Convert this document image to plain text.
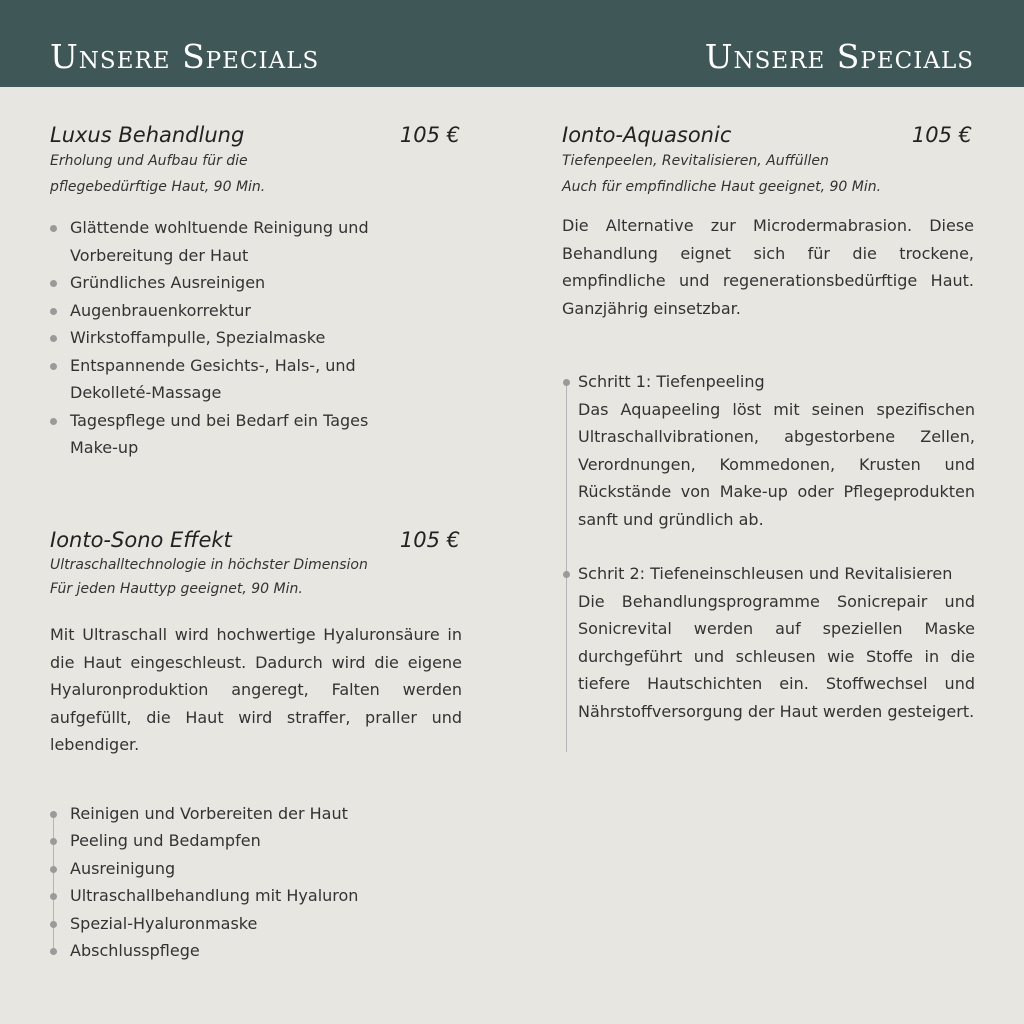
Unsere Specials	Unsere Specials
Luxus Behandlung	105 €
Erholung und Aufbau für die
pflegebedürftige Haut, 90 Min.
Glättende wohltuende Reinigung und
Vorbereitung der Haut
Gründliches Ausreinigen
Augenbrauenkorrektur
Wirkstoffampulle, Spezialmaske
Entspannende Gesichts-, Hals-, und
Dekolleté-Massage
Tagespflege und bei Bedarf ein Tages
Make-up
Ionto-Sono Effekt	105 €
Ultraschalltechnologie in höchster Dimension
Für jeden Hauttyp geeignet, 90 Min.
Mit Ultraschall wird hochwertige Hyaluronsäure in die Haut eingeschleust. Dadurch wird die eigene Hyaluronproduktion angeregt, Falten werden aufgefüllt, die Haut wird straffer, praller und lebendiger.
Reinigen und Vorbereiten der Haut
Peeling und Bedampfen
Ausreinigung
Ultraschallbehandlung mit Hyaluron
Spezial-Hyaluronmaske
Abschlusspflege
Ionto-Aquasonic	105 €
Tiefenpeelen, Revitalisieren, Auffüllen
Auch für empfindliche Haut geeignet, 90 Min.
Die Alternative zur Microdermabrasion. Diese Behandlung eignet sich für die trockene, empfindliche und regenerationsbedürftige Haut. Ganzjährig einsetzbar.
Schritt 1: Tiefenpeeling
Das Aquapeeling löst mit seinen spezifischen Ultraschallvibrationen, abgestorbene Zellen, Verordnungen, Kommedonen, Krusten und Rückstände von Make-up oder Pflegeprodukten sanft und gründlich ab.
Schrit 2: Tiefeneinschleusen und Revitalisieren
Die Behandlungsprogramme Sonicrepair und Sonicrevital werden auf speziellen Maske durchgeführt und schleusen wie Stoffe in die tiefere Hautschichten ein. Stoffwechsel und Nährstoffversorgung der Haut werden gesteigert.
